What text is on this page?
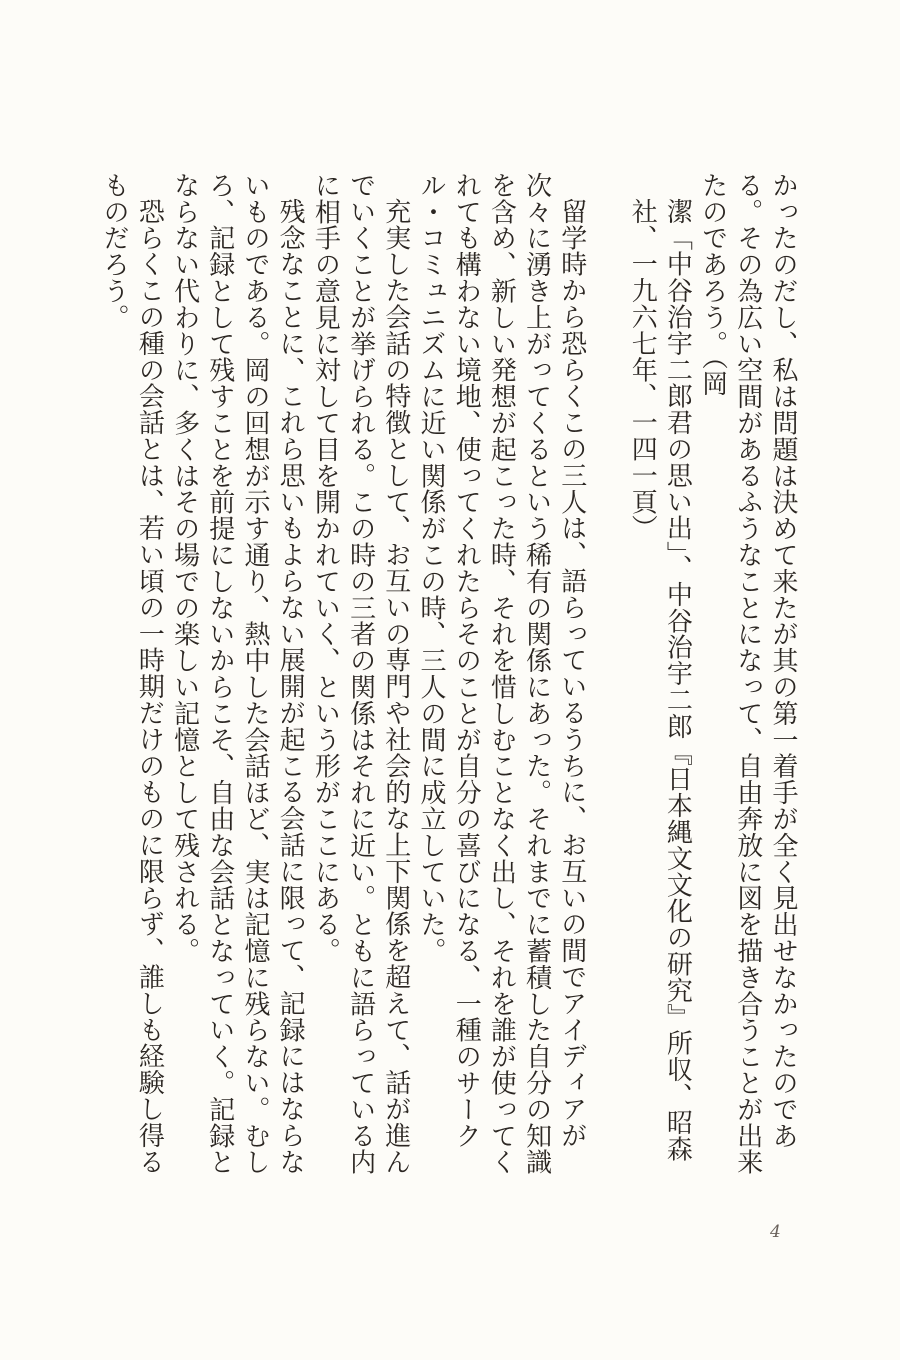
かったのだし、私は問題は決めて来たが其の第一着手が全く見出せなかったのである。その為広い空間があるふうなことになって、自由奔放に図を描き合うことが出来たのであろう。（岡

潔「中谷治宇二郎君の思い出」、中谷治宇二郎『日本縄文文化の研究』所収、昭森社、一九六七年、一四一頁）

留学時から恐らくこの三人は、語らっているうちに、お互いの間でアイディアが次々に湧き上がってくるという稀有の関係にあった。それまでに蓄積した自分の知識を含め、新しい発想が起こった時、それを惜しむことなく出し、それを誰が使ってくれても構わない境地、使ってくれたらそのことが自分の喜びになる、一種のサークル・コミュニズムに近い関係がこの時、三人の間に成立していた。

充実した会話の特徴として、お互いの専門や社会的な上下関係を超えて、話が進んでいくことが挙げられる。この時の三者の関係はそれに近い。ともに語らっている内に相手の意見に対して目を開かれていく、という形がここにある。

残念なことに、これら思いもよらない展開が起こる会話に限って、記録にはならないものである。岡の回想が示す通り、熱中した会話ほど、実は記憶に残らない。むしろ、記録として残すことを前提にしないからこそ、自由な会話となっていく。記録とならない代わりに、多くはその場での楽しい記憶として残される。

恐らくこの種の会話とは、若い頃の一時期だけのものに限らず、誰しも経験し得るものだろう。

4
